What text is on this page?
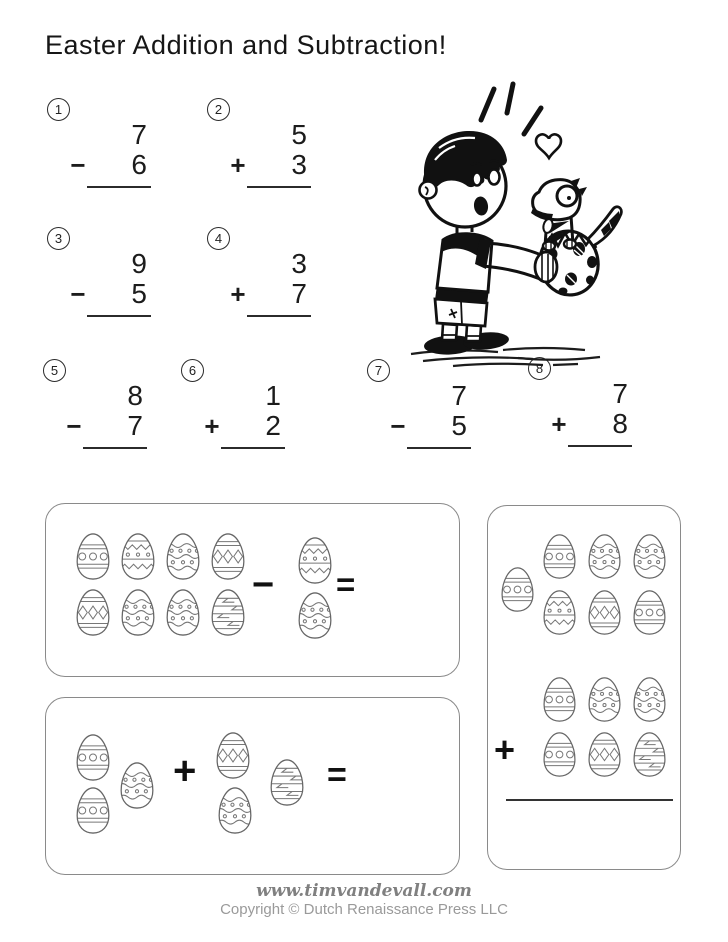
Easter Addition and Subtraction!
1
7
− 6
2
5
+ 3
3
9
− 5
4
3
+ 7
5
8
− 7
6
1
+ 2
7
7
− 5
8
7
+ 8
− =
+	=
+
www.timvandevall.com
Copyright © Dutch Renaissance Press LLC
